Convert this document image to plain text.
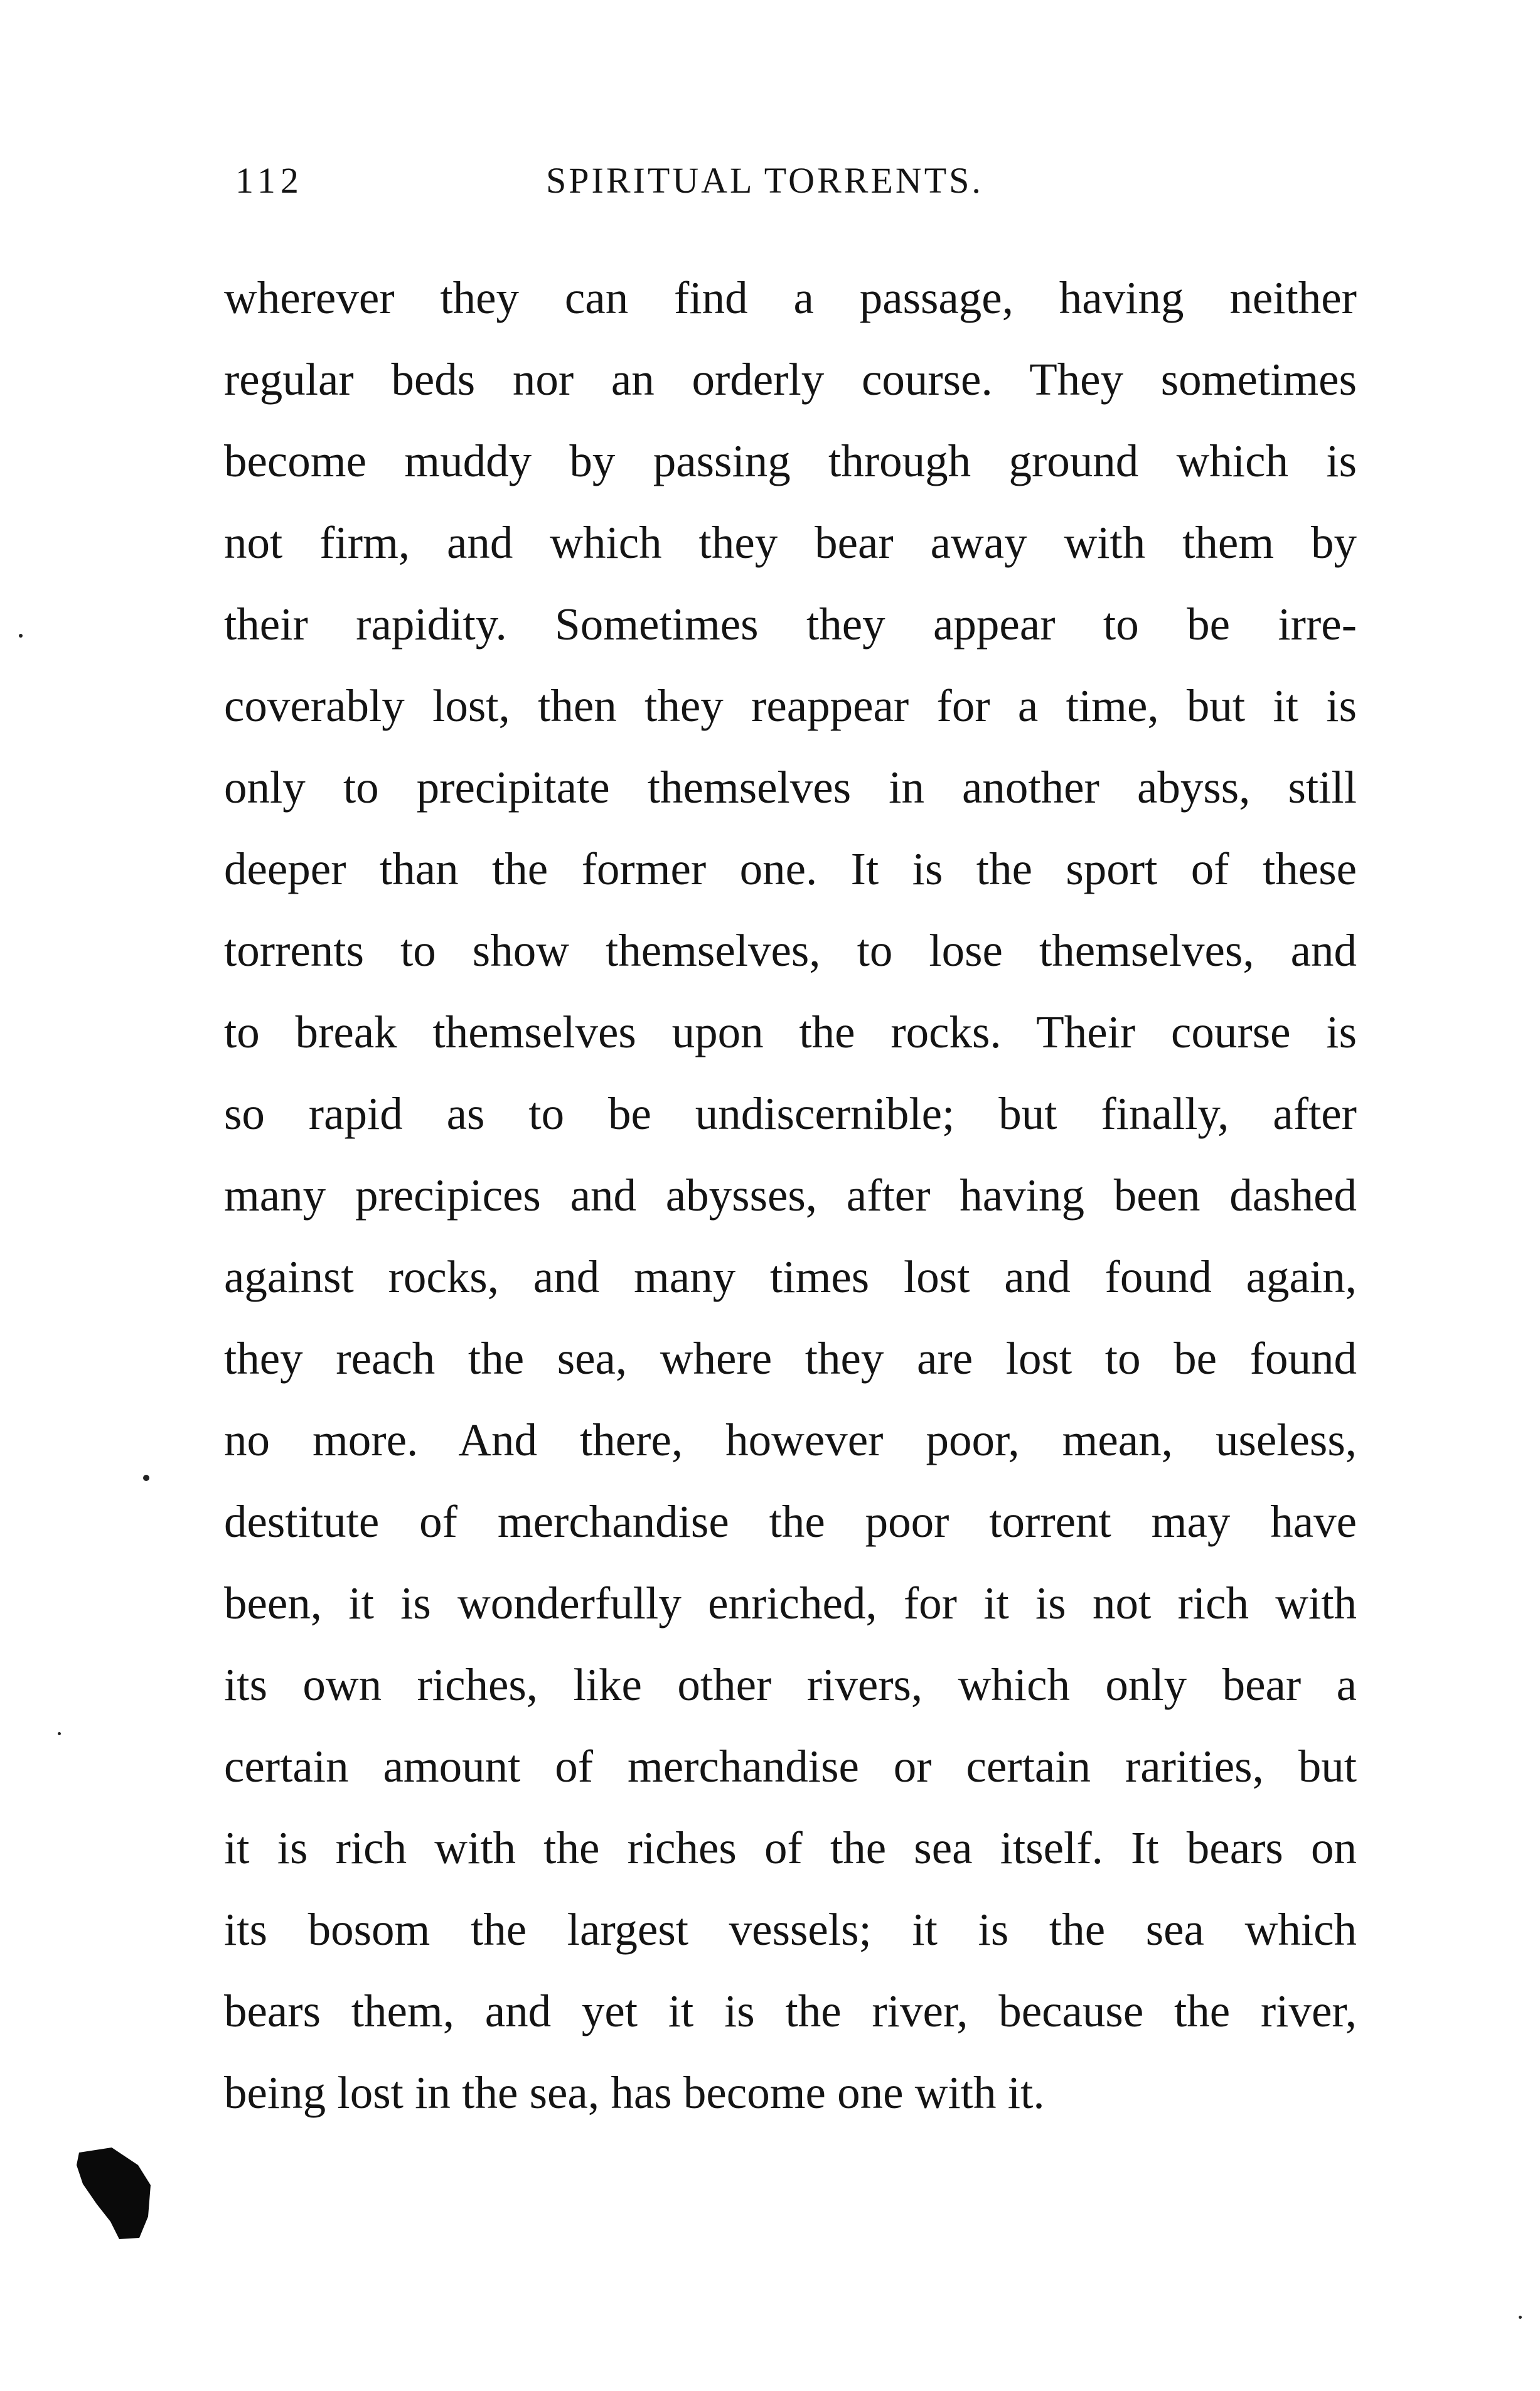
112	SPIRITUAL TORRENTS.
wherever they can find a passage, having neither
regular beds nor an orderly course. They sometimes
become muddy by passing through ground which is
not firm, and which they bear away with them by
their rapidity. Sometimes they appear to be irre-
coverably lost, then they reappear for a time, but it is
only to precipitate themselves in another abyss, still
deeper than the former one. It is the sport of these
torrents to show themselves, to lose themselves, and
to break themselves upon the rocks. Their course is
so rapid as to be undiscernible; but finally, after
many precipices and abysses, after having been dashed
against rocks, and many times lost and found again,
they reach the sea, where they are lost to be found
no more. And there, however poor, mean, useless,
destitute of merchandise the poor torrent may have
been, it is wonderfully enriched, for it is not rich with
its own riches, like other rivers, which only bear a
certain amount of merchandise or certain rarities, but
it is rich with the riches of the sea itself. It bears on
its bosom the largest vessels; it is the sea which
bears them, and yet it is the river, because the river,
being lost in the sea, has become one with it.
